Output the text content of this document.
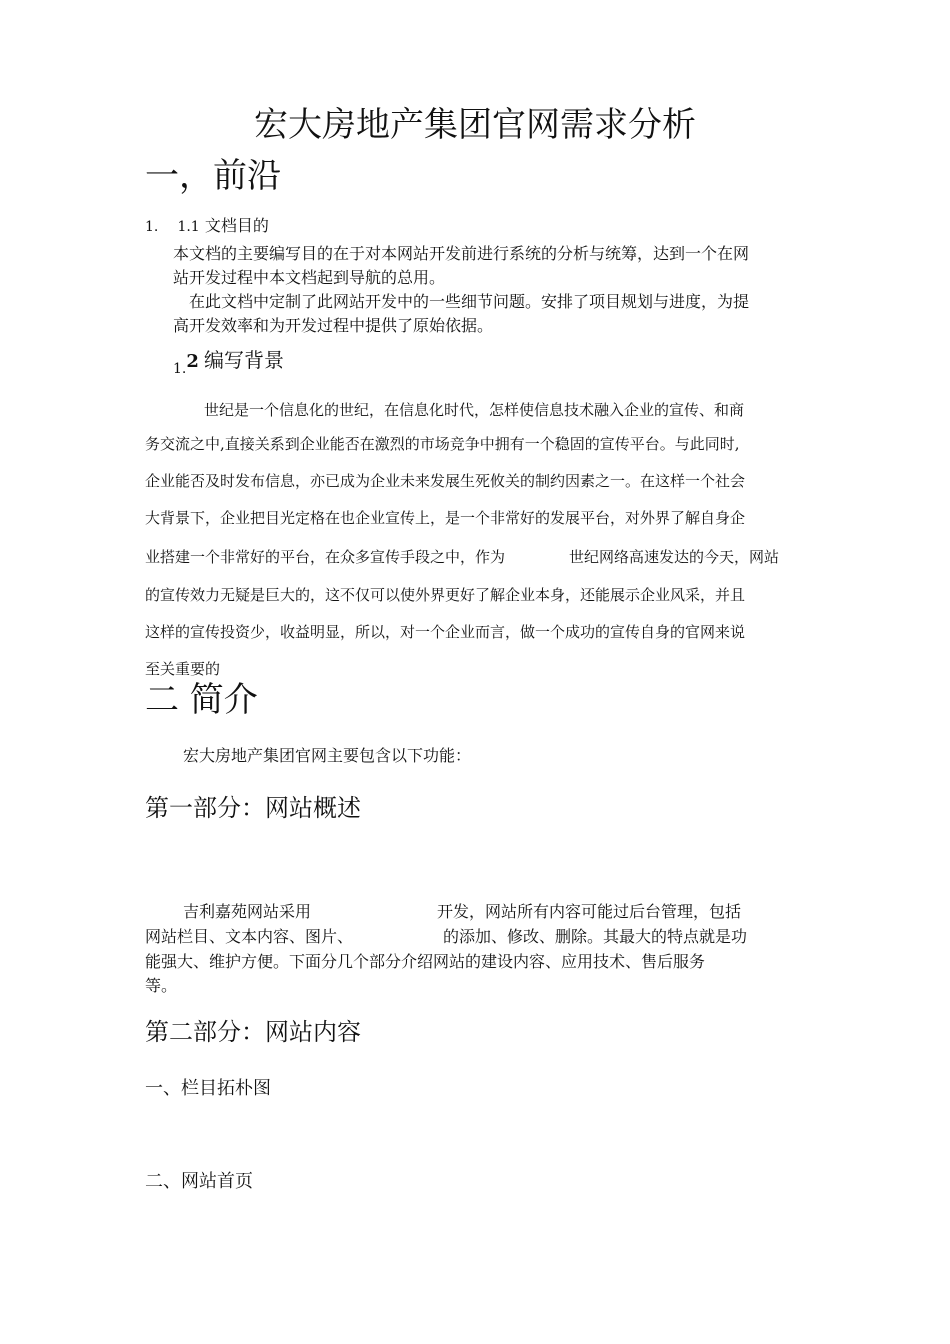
宏大房地产集团官网需求分析
一，前沿
1. 1.1 文档目的
本文档的主要编写目的在于对本网站开发前进行系统的分析与统筹，达到一个在网
站开发过程中本文档起到导航的总用。
在此文档中定制了此网站开发中的一些细节问题。安排了项目规划与进度，为提
高开发效率和为开发过程中提供了原始依据。
1.2 编写背景
世纪是一个信息化的世纪，在信息化时代，怎样使信息技术融入企业的宣传、和商
务交流之中,直接关系到企业能否在激烈的市场竞争中拥有一个稳固的宣传平台。与此同时,
企业能否及时发布信息，亦已成为企业未来发展生死攸关的制约因素之一。在这样一个社会
大背景下，企业把目光定格在也企业宣传上，是一个非常好的发展平台，对外界了解自身企
业搭建一个非常好的平台，在众多宣传手段之中，作为	世纪网络高速发达的今天，网站
的宣传效力无疑是巨大的，这不仅可以使外界更好了解企业本身，还能展示企业风采，并且
这样的宣传投资少，收益明显，所以，对一个企业而言，做一个成功的宣传自身的官网来说
至关重要的
二 简介
宏大房地产集团官网主要包含以下功能：
第一部分：网站概述
吉利嘉苑网站采用	开发，网站所有内容可能过后台管理，包括
网站栏目、文本内容、图片、	的添加、修改、删除。其最大的特点就是功
能强大、维护方便。下面分几个部分介绍网站的建设内容、应用技术、售后服务
等。
第二部分：网站内容
一、栏目拓朴图
二、网站首页
